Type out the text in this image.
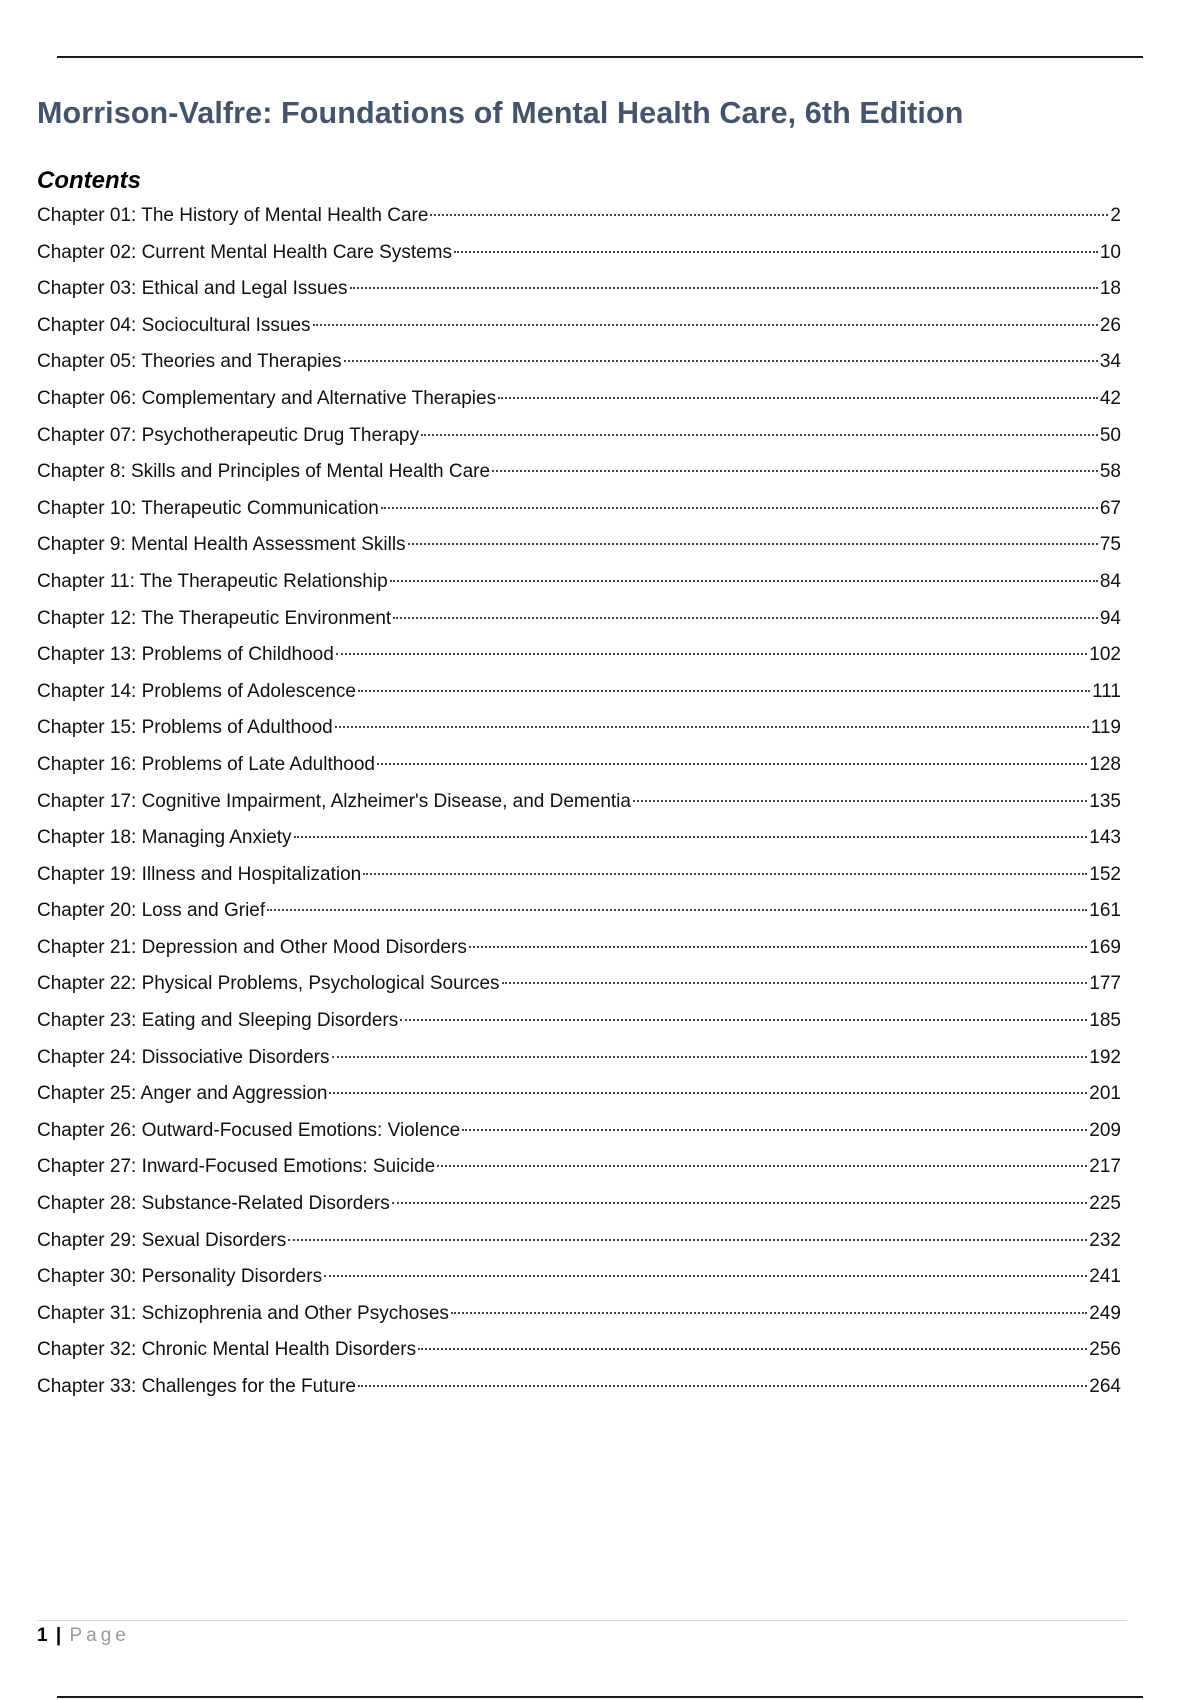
Morrison-Valfre: Foundations of Mental Health Care, 6th Edition
Contents
Chapter 01: The History of Mental Health Care	2
Chapter 02: Current Mental Health Care Systems	10
Chapter 03: Ethical and Legal Issues	18
Chapter 04: Sociocultural Issues	26
Chapter 05: Theories and Therapies	34
Chapter 06: Complementary and Alternative Therapies	42
Chapter 07: Psychotherapeutic Drug Therapy	50
Chapter 8: Skills and Principles of Mental Health Care	58
Chapter 10: Therapeutic Communication	67
Chapter 9: Mental Health Assessment Skills	75
Chapter 11: The Therapeutic Relationship	84
Chapter 12: The Therapeutic Environment	94
Chapter 13: Problems of Childhood	102
Chapter 14: Problems of Adolescence	111
Chapter 15: Problems of Adulthood	119
Chapter 16: Problems of Late Adulthood	128
Chapter 17: Cognitive Impairment, Alzheimer's Disease, and Dementia	135
Chapter 18: Managing Anxiety	143
Chapter 19: Illness and Hospitalization	152
Chapter 20: Loss and Grief	161
Chapter 21: Depression and Other Mood Disorders	169
Chapter 22: Physical Problems, Psychological Sources	177
Chapter 23: Eating and Sleeping Disorders	185
Chapter 24: Dissociative Disorders	192
Chapter 25: Anger and Aggression	201
Chapter 26: Outward-Focused Emotions: Violence	209
Chapter 27: Inward-Focused Emotions: Suicide	217
Chapter 28: Substance-Related Disorders	225
Chapter 29: Sexual Disorders	232
Chapter 30: Personality Disorders	241
Chapter 31: Schizophrenia and Other Psychoses	249
Chapter 32: Chronic Mental Health Disorders	256
Chapter 33: Challenges for the Future	264
1 | Page
